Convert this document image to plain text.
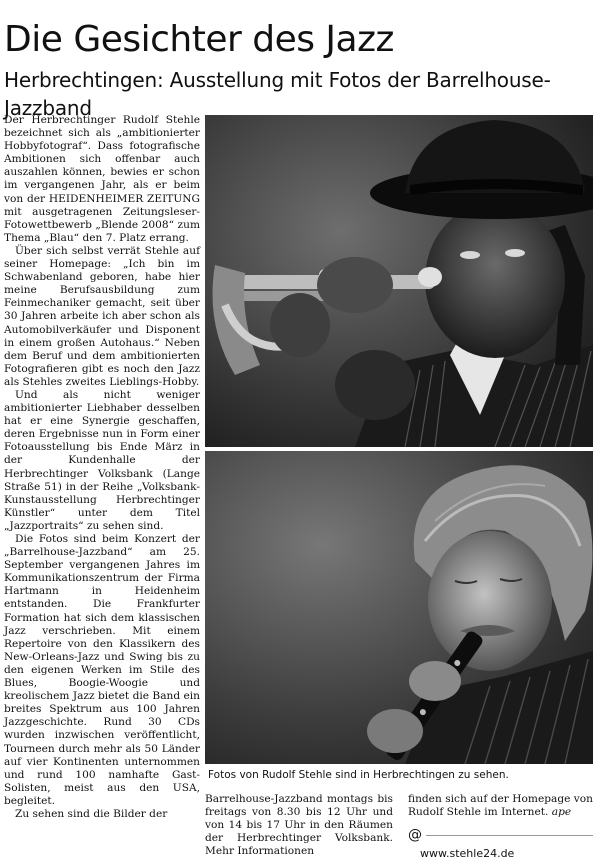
Die Gesichter des Jazz
Herbrechtingen: Ausstellung mit Fotos der Barrelhouse-Jazzband

Der Herbrechtinger Rudolf Stehle bezeichnet sich als „ambitionierter Hobbyfotograf“. Dass fotografische Ambitionen sich offenbar auch auszahlen können, bewies er schon im vergangenen Jahr, als er beim von der HEIDENHEIMER ZEITUNG mit ausgetragenen Zeitungsleser-Fotowettbewerb „Blende 2008“ zum Thema „Blau“ den 7. Platz errang.

Über sich selbst verrät Stehle auf seiner Homepage: „Ich bin im Schwabenland geboren, habe hier meine Berufsausbildung zum Feinmechaniker gemacht, seit über 30 Jahren arbeite ich aber schon als Automobilverkäufer und Disponent in einem großen Autohaus.“ Neben dem Beruf und dem ambitionierten Fotografieren gibt es noch den Jazz als Stehles zweites Lieblings-Hobby.

Und als nicht weniger ambitionierter Liebhaber desselben hat er eine Synergie geschaffen, deren Ergebnisse nun in Form einer Fotoausstellung bis Ende März in der Kundenhalle der Herbrechtinger Volksbank (Lange Straße 51) in der Reihe „Volksbank-Kunstausstellung Herbrechtinger Künstler“ unter dem Titel „Jazzportraits“ zu sehen sind.

Die Fotos sind beim Konzert der „Barrelhouse-Jazzband“ am 25. September vergangenen Jahres im Kommunikationszentrum der Firma Hartmann in Heidenheim entstanden. Die Frankfurter Formation hat sich dem klassischen Jazz verschrieben. Mit einem Repertoire von den Klassikern des New-Orleans-Jazz und Swing bis zu den eigenen Werken im Stile des Blues, Boogie-Woogie und kreolischem Jazz bietet die Band ein breites Spektrum aus 100 Jahren Jazzgeschichte. Rund 30 CDs wurden inzwischen veröffentlicht, Tourneen durch mehr als 50 Länder auf vier Kontinenten unternommen und rund 100 namhafte Gast-Solisten, meist aus den USA, begleitet.

Zu sehen sind die Bilder der

Fotos von Rudolf Stehle sind in Herbrechtingen zu sehen.
Barrelhouse-Jazzband montags bis freitags von 8.30 bis 12 Uhr und von 14 bis 17 Uhr in den Räumen der Herbrechtinger Volksbank. Mehr Informationen
finden sich auf der Homepage von Rudolf Stehle im Internet. ape
@
www.stehle24.de
